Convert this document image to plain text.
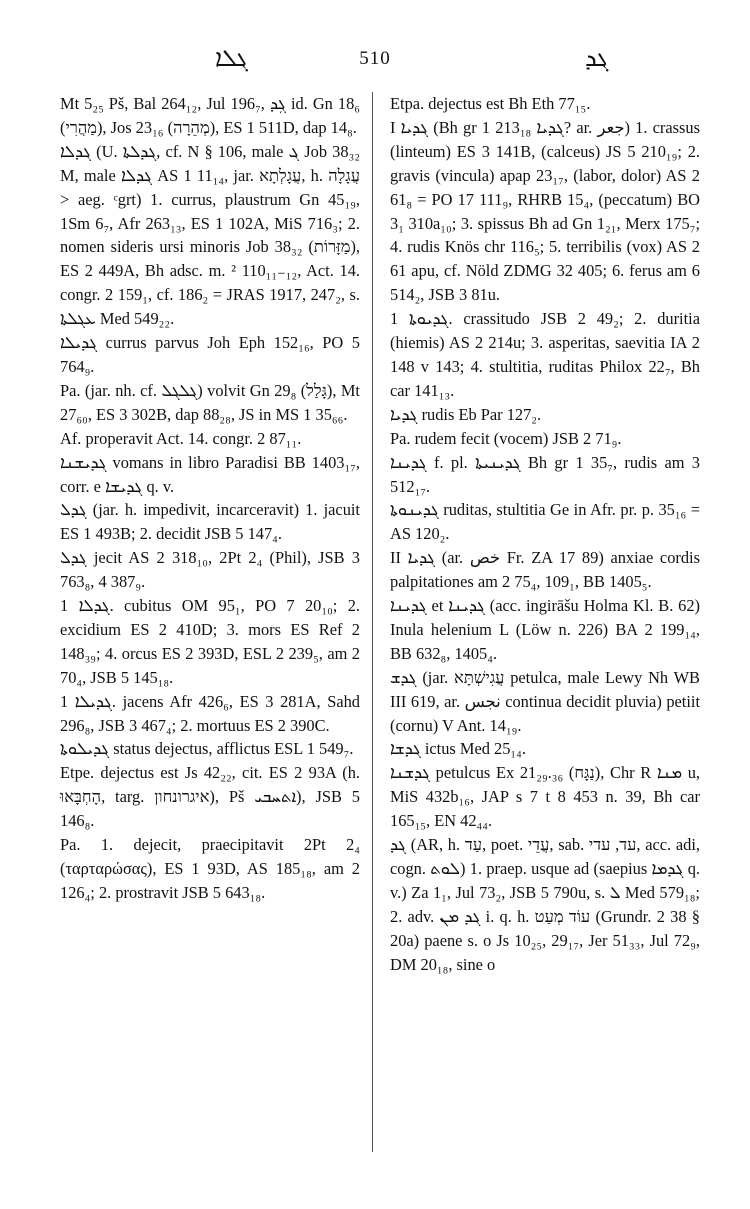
ܓܠܐ	510	ܓܕ
Mt 5₂₅ Pš, Bal 264₁₂, Jul 196₇, ܓܼܕ id. Gn 18₆ (מַהֲרִי), Jos 23₁₆ (מְהֵרָה), ES 1 511D, dap 14₈.
ܓܕܠܐ (U. ܓܕܠܬܐ, cf. N § 106, male ܓ Job 38₃₂ M, male ܓܕܠܐ AS 1 11₁₄, jar. עֲגָלְתָא, h. עֲגָלָה > aeg. ᶜgrt) 1. currus, plaustrum Gn 45₁₉, 1Sm 6₇, Afr 263₁₃, ES 1 102A, MiS 716₃; 2. nomen sideris ursi minoris Job 38₃₂ (מַזָּרוֹת), ES 2 449A, Bh adsc. m. ² 110₁₁₋₁₂, Act. 14. congr. 2 159₁, cf. 186₂ = JRAS 1917, 247₂, s. ܥܓܠܬܐ Med 549₂₂.
ܓܕܝܠܐ currus parvus Joh Eph 152₁₆, PO 5 764₉.
Pa. (jar. nh. cf. ܓܠܓܠ) volvit Gn 29₈ (גָּלַל), Mt 27₆₀, ES 3 302B, dap 88₂₈, JS in MS 1 35₆₆.
Af. properavit Act. 14. congr. 2 87₁₁.
ܓܕܝܫܢܐ vomans in libro Paradisi BB 1403₁₇, corr. e ܓܕܝܫܐ q. v.
ܓܕܠ (jar. h. impedivit, incarceravit) 1. jacuit ES 1 493B; 2. decidit JSB 5 147₄.
ܓܕܠ jecit AS 2 318₁₀, 2Pt 2₄ (Phil), JSB 3 763₈, 4 387₉.
ܓܕܠܐ 1. cubitus OM 95₁, PO 7 20₁₀; 2. excidium ES 2 410D; 3. mors ES Ref 2 148₃₉; 4. orcus ES 2 393D, ESL 2 239₅, am 2 70₄, JSB 5 145₁₈.
ܓܕܝܠܐ 1. jacens Afr 426₆, ES 3 281A, Sahd 296₈, JSB 3 467₄; 2. mortuus ES 2 390C.
ܓܕܝܠܘܬܐ status dejectus, afflictus ESL 1 549₇.
Etpe. dejectus est Js 42₂₂, cit. ES 2 93A (h. הָחְבָּאוּ, targ. איגרונחון), Pš ܐܬܚܒܝ), JSB 5 146₈.
Pa. 1. dejecit, praecipitavit 2Pt 2₄ (ταρταρώσας), ES 1 93D, AS 185₁₈, am 2 126₄; 2. prostravit JSB 5 643₁₈.
Etpa. dejectus est Bh Eth 77₁₅.
I ܓܕܝܐ (Bh gr 1 213₁₈ ܓܕܝܐ? ar. جعر) 1. crassus (linteum) ES 3 141B, (calceus) JS 5 210₁₉; 2. gravis (vincula) apap 23₁₇, (labor, dolor) AS 2 61₈ = PO 17 111₉, RHRB 15₄, (peccatum) BO 3₁ 310a₁₀; 3. spissus Bh ad Gn 1₂₁, Merx 175₇; 4. rudis Knös chr 116₅; 5. terribilis (vox) AS 2 61 apu, cf. Nöld ZDMG 32 405; 6. ferus am 6 514₂, JSB 3 81u.
ܓܕܝܘܬܐ 1. crassitudo JSB 2 49₂; 2. duritia (hiemis) AS 2 214u; 3. asperitas, saevitia IA 2 148 v 143; 4. stultitia, ruditas Philox 22₇, Bh car 141₁₃.
ܓܕܝܐ rudis Eb Par 127₂.
Pa. rudem fecit (vocem) JSB 2 71₉.
ܓܕܝܢܐ f. pl. ܓܕܝܢܝܬܐ Bh gr 1 35₇, rudis am 3 512₁₇.
ܓܕܝܢܘܬܐ ruditas, stultitia Ge in Afr. pr. p. 35₁₆ = AS 120₂.
II ܓܕܝܐ (ar. خص Fr. ZA 17 89) anxiae cordis palpitationes am 2 75₄, 109₁, BB 1405₅.
ܓܕܝܢܐ et ܓܕܝܢܐ (acc. ingirāšu Holma Kl. B. 62) Inula helenium L (Löw n. 226) BA 2 199₁₄, BB 632₈, 1405₄.
ܓܕܫ (jar. עֲגִישְׁתָּא petulca, male Lewy Nh WB III 619, ar. نجس continua decidit pluvia) petiit (cornu) V Ant. 14₁₉.
ܓܕܫܐ ictus Med 25₁₄.
ܓܕܫܢܐ petulcus Ex 21₂₉.₃₆ (נַגָּח), Chr R ܡܢܐ u, MiS 432b₁₆, JAP s 7 t 8 453 n. 39, Bh car 165₁₅, EN 42₄₄.
ܓܕ (AR, h. עַד, poet. עֲדֵי, sab. עד, עדי, acc. adi, cogn. ܠܘܬ) 1. praep. usque ad (saepius ܓܕܡܐ q. v.) Za 1₁, Jul 73₂, JSB 5 790u, s. ܠ Med 579₁₈; 2. adv. ܓܕ ܡܢ i. q. h. עוֹד מְעַט (Grundr. 2 38 § 20a) paene s. o Js 10₂₅, 29₁₇, Jer 51₃₃, Jul 72₉, DM 20₁₈, sine o
